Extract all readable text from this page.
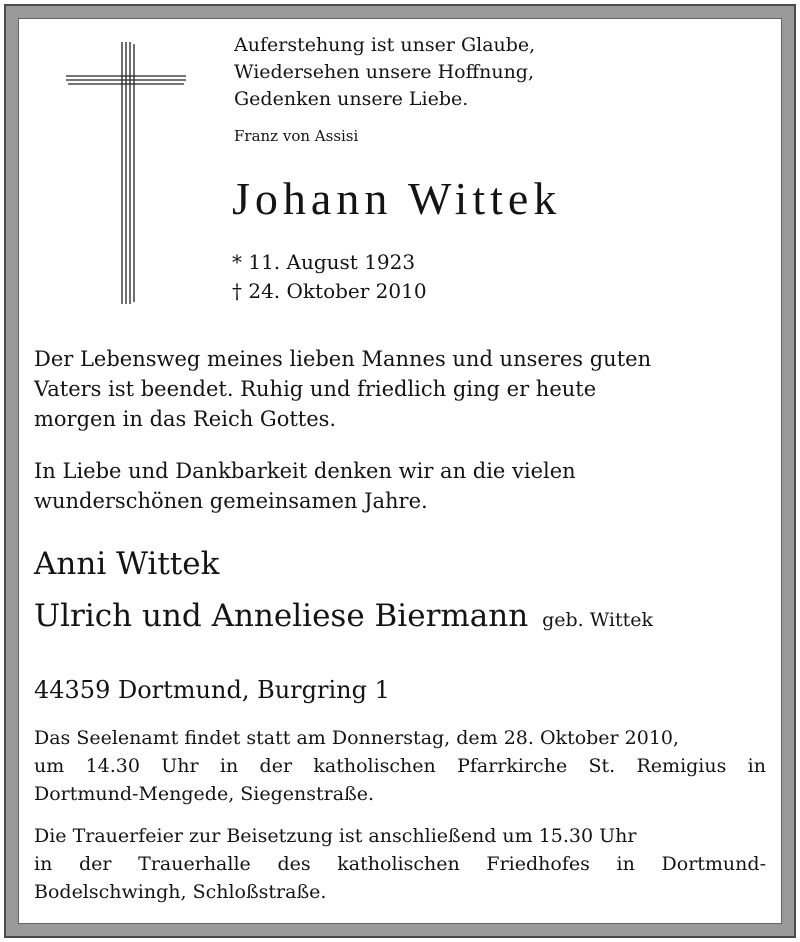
Auferstehung ist unser Glaube,
Wiedersehen unsere Hoffnung,
Gedenken unsere Liebe.
Franz von Assisi
Johann Wittek
* 11. August 1923
† 24. Oktober 2010
Der Lebensweg meines lieben Mannes und unseres guten
Vaters ist beendet. Ruhig und friedlich ging er heute
morgen in das Reich Gottes.
In Liebe und Dankbarkeit denken wir an die vielen
wunderschönen gemeinsamen Jahre.
Anni Wittek
Ulrich und Anneliese Biermann geb. Wittek
44359 Dortmund, Burgring 1
Das Seelenamt findet statt am Donnerstag, dem 28. Oktober 2010,
um 14.30 Uhr in der katholischen Pfarrkirche St. Remigius in
Dortmund-Mengede, Siegenstraße.
Die Trauerfeier zur Beisetzung ist anschließend um 15.30 Uhr
in der Trauerhalle des katholischen Friedhofes in Dortmund-
Bodelschwingh, Schloßstraße.
